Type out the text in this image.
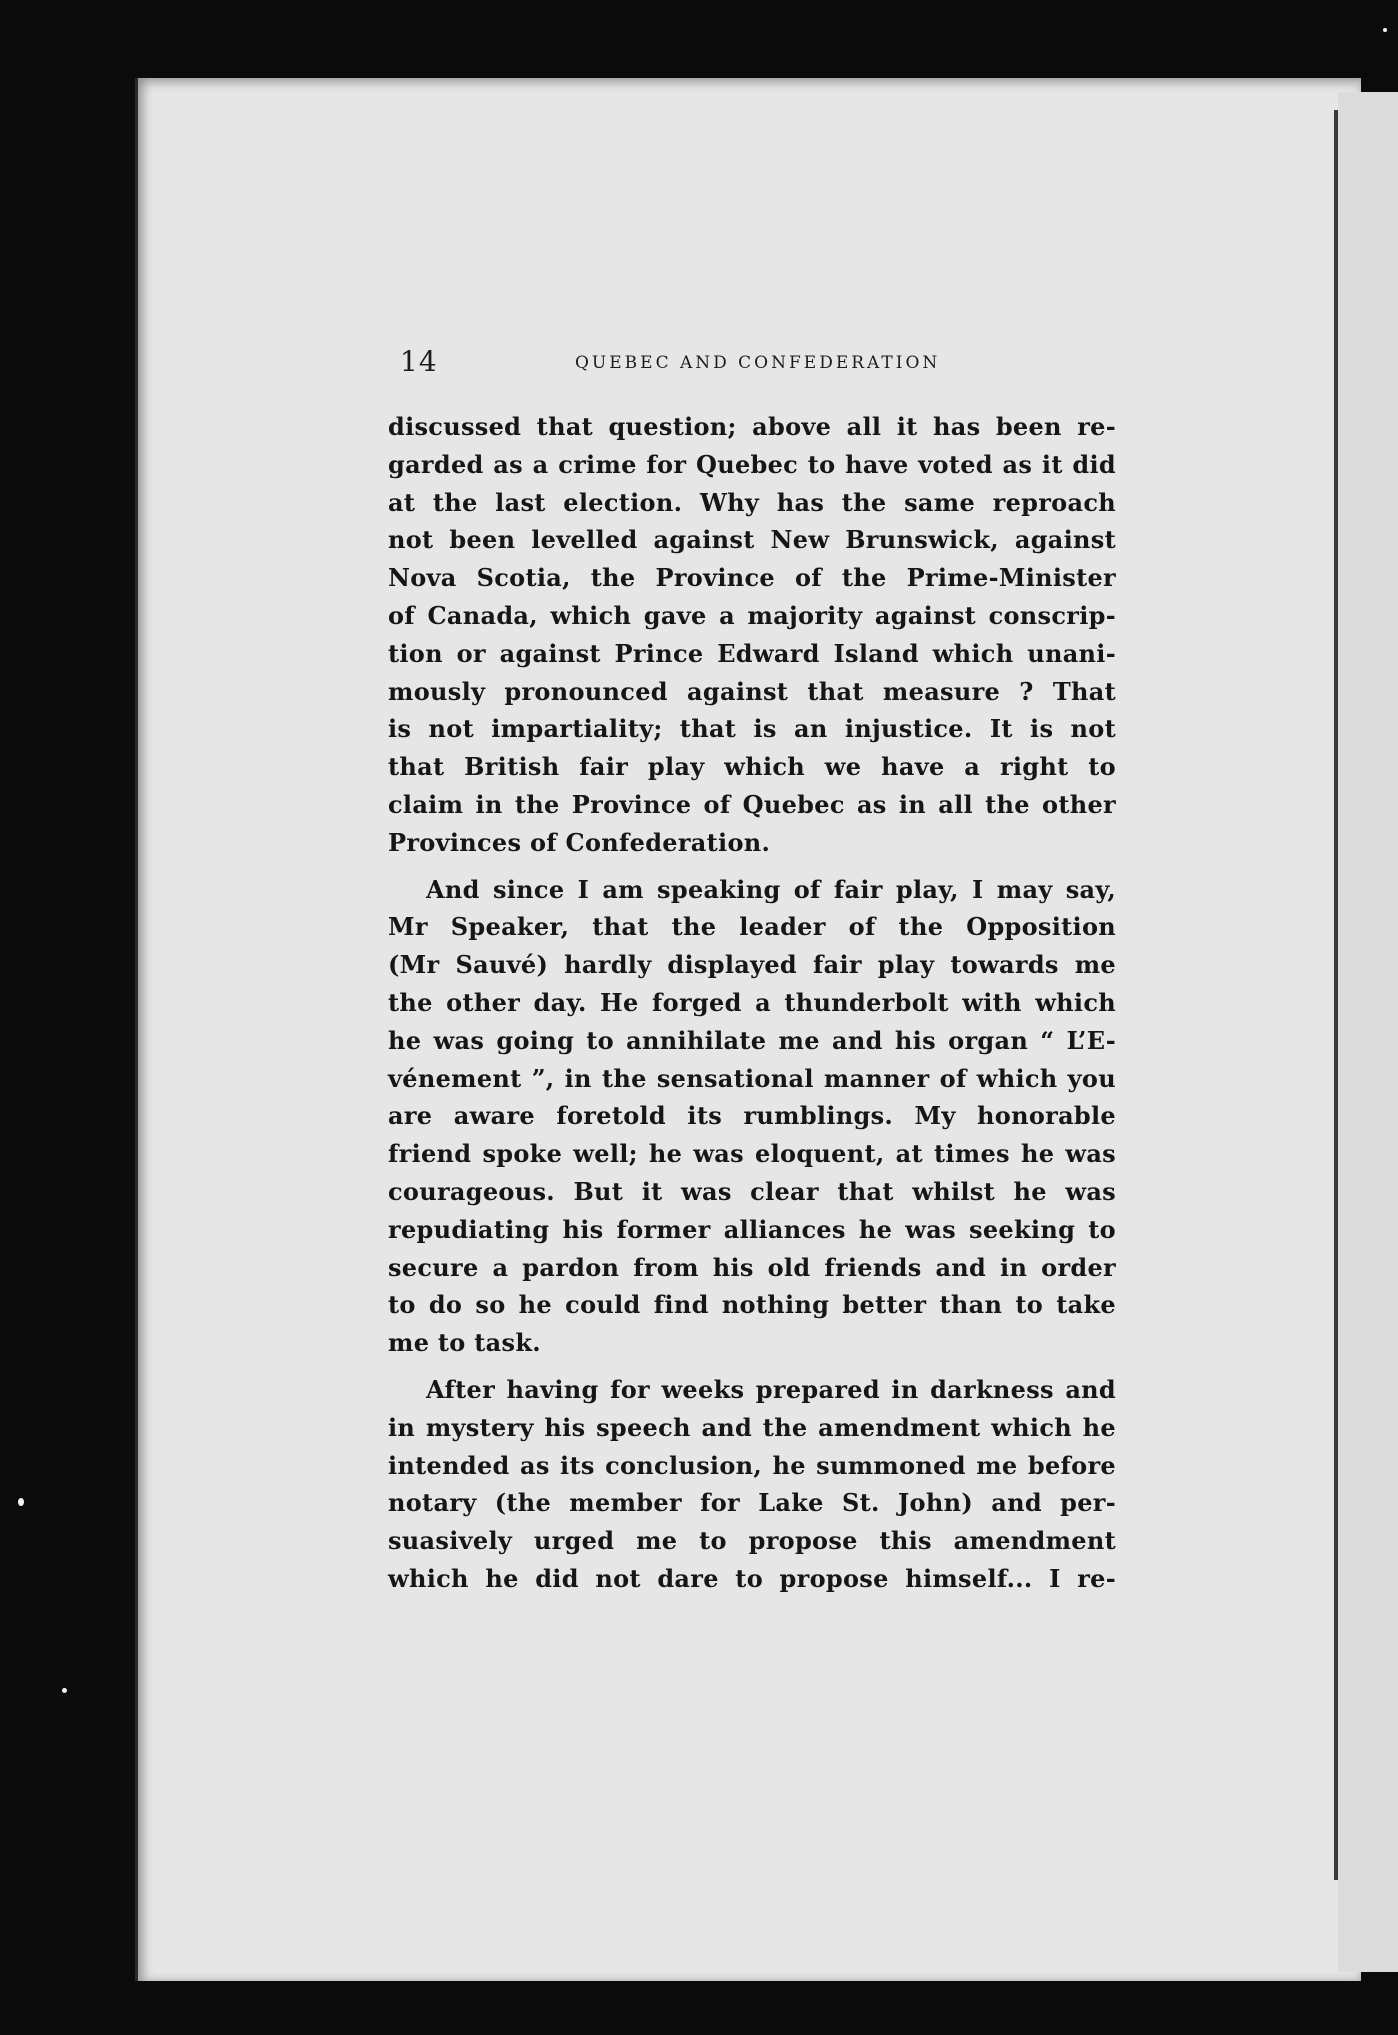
14	QUEBEC AND CONFEDERATION
discussed that question; above all it has been re-
garded as a crime for Quebec to have voted as it did
at the last election. Why has the same reproach
not been levelled against New Brunswick, against
Nova Scotia, the Province of the Prime-Minister
of Canada, which gave a majority against conscrip-
tion or against Prince Edward Island which unani-
mously pronounced against that measure ? That
is not impartiality; that is an injustice. It is not
that British fair play which we have a right to
claim in the Province of Quebec as in all the other
Provinces of Confederation.
And since I am speaking of fair play, I may say,
Mr Speaker, that the leader of the Opposition
(Mr Sauvé) hardly displayed fair play towards me
the other day. He forged a thunderbolt with which
he was going to annihilate me and his organ “ L’E-
vénement ”, in the sensational manner of which you
are aware foretold its rumblings. My honorable
friend spoke well; he was eloquent, at times he was
courageous. But it was clear that whilst he was
repudiating his former alliances he was seeking to
secure a pardon from his old friends and in order
to do so he could find nothing better than to take
me to task.
After having for weeks prepared in darkness and
in mystery his speech and the amendment which he
intended as its conclusion, he summoned me before
notary (the member for Lake St. John) and per-
suasively urged me to propose this amendment
which he did not dare to propose himself... I re-
